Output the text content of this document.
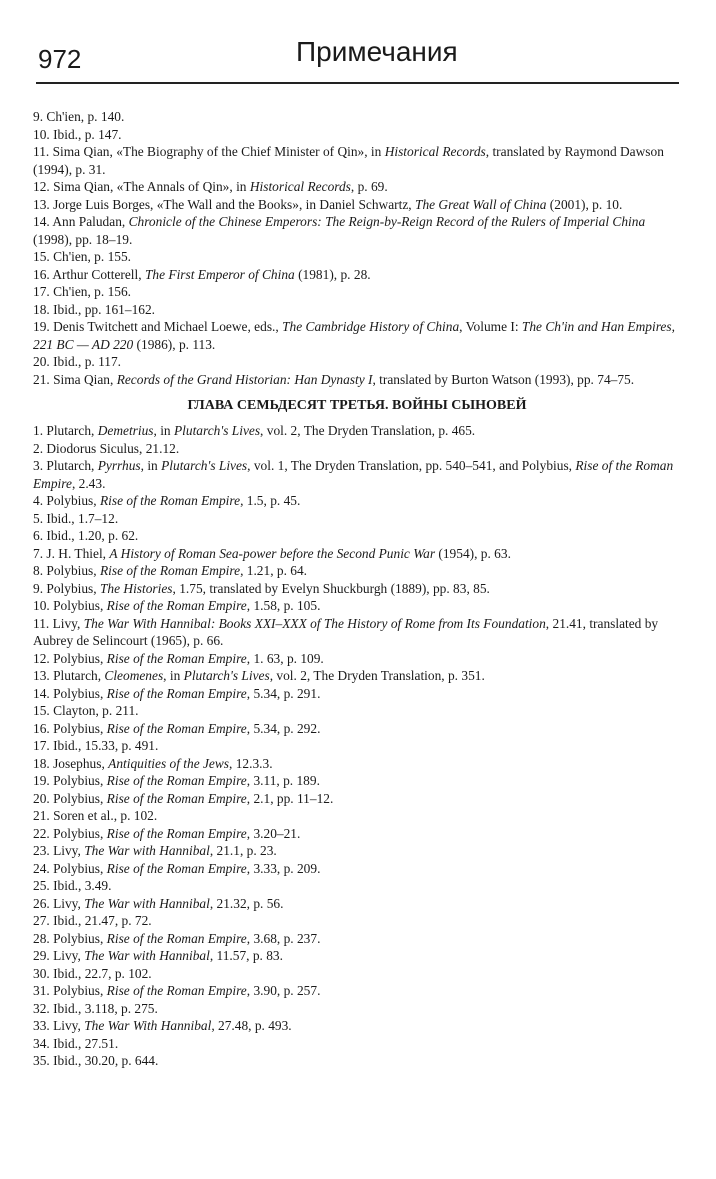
972	Примечания

9. Ch'ien, p. 140.

10. Ibid., p. 147.

11. Sima Qian, «The Biography of the Chief Minister of Qin», in Historical Records, translated by Raymond Dawson (1994), p. 31.

12. Sima Qian, «The Annals of Qin», in Historical Records, p. 69.

13. Jorge Luis Borges, «The Wall and the Books», in Daniel Schwartz, The Great Wall of China (2001), p. 10.

14. Ann Paludan, Chronicle of the Chinese Emperors: The Reign-by-Reign Record of the Rulers of Imperial China (1998), pp. 18–19.

15. Ch'ien, p. 155.

16. Arthur Cotterell, The First Emperor of China (1981), p. 28.

17. Ch'ien, p. 156.

18. Ibid., pp. 161–162.

19. Denis Twitchett and Michael Loewe, eds., The Cambridge History of China, Volume I: The Ch'in and Han Empires, 221 BC — AD 220 (1986), p. 113.

20. Ibid., p. 117.

21. Sima Qian, Records of the Grand Historian: Han Dynasty I, translated by Burton Watson (1993), pp. 74–75.

ГЛАВА СЕМЬДЕСЯТ ТРЕТЬЯ. ВОЙНЫ СЫНОВЕЙ

1. Plutarch, Demetrius, in Plutarch's Lives, vol. 2, The Dryden Translation, p. 465.

2. Diodorus Siculus, 21.12.

3. Plutarch, Pyrrhus, in Plutarch's Lives, vol. 1, The Dryden Translation, pp. 540–541, and Polybius, Rise of the Roman Empire, 2.43.

4. Polybius, Rise of the Roman Empire, 1.5, p. 45.

5. Ibid., 1.7–12.

6. Ibid., 1.20, p. 62.

7. J. H. Thiel, A History of Roman Sea-power before the Second Punic War (1954), p. 63.

8. Polybius, Rise of the Roman Empire, 1.21, p. 64.

9. Polybius, The Histories, 1.75, translated by Evelyn Shuckburgh (1889), pp. 83, 85.

10. Polybius, Rise of the Roman Empire, 1.58, p. 105.

11. Livy, The War With Hannibal: Books XXI–XXX of The History of Rome from Its Foundation, 21.41, translated by Aubrey de Selincourt (1965), p. 66.

12. Polybius, Rise of the Roman Empire, 1. 63, p. 109.

13. Plutarch, Cleomenes, in Plutarch's Lives, vol. 2, The Dryden Translation, p. 351.

14. Polybius, Rise of the Roman Empire, 5.34, p. 291.

15. Clayton, p. 211.

16. Polybius, Rise of the Roman Empire, 5.34, p. 292.

17. Ibid., 15.33, p. 491.

18. Josephus, Antiquities of the Jews, 12.3.3.

19. Polybius, Rise of the Roman Empire, 3.11, p. 189.

20. Polybius, Rise of the Roman Empire, 2.1, pp. 11–12.

21. Soren et al., p. 102.

22. Polybius, Rise of the Roman Empire, 3.20–21.

23. Livy, The War with Hannibal, 21.1, p. 23.

24. Polybius, Rise of the Roman Empire, 3.33, p. 209.

25. Ibid., 3.49.

26. Livy, The War with Hannibal, 21.32, p. 56.

27. Ibid., 21.47, p. 72.

28. Polybius, Rise of the Roman Empire, 3.68, p. 237.

29. Livy, The War with Hannibal, 11.57, p. 83.

30. Ibid., 22.7, p. 102.

31. Polybius, Rise of the Roman Empire, 3.90, p. 257.

32. Ibid., 3.118, p. 275.

33. Livy, The War With Hannibal, 27.48, p. 493.

34. Ibid., 27.51.

35. Ibid., 30.20, p. 644.
